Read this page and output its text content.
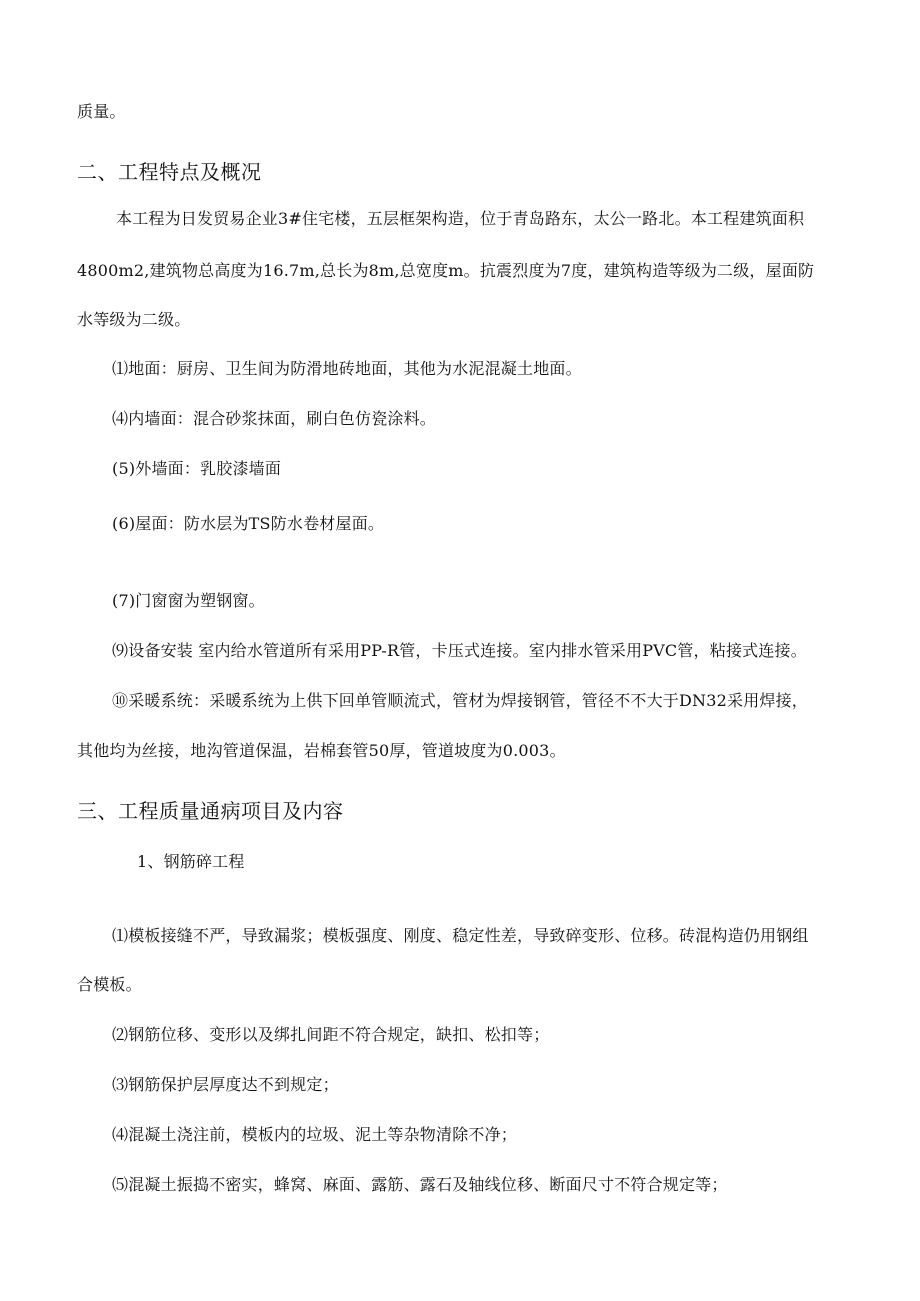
质量。
二、工程特点及概况
本工程为日发贸易企业3#住宅楼，五层框架构造，位于青岛路东，太公一路北。本工程建筑面积
4800m2,建筑物总高度为16.7m,总长为8m,总宽度m。抗震烈度为7度，建筑构造等级为二级，屋面防
水等级为二级。
⑴地面：厨房、卫生间为防滑地砖地面，其他为水泥混凝土地面。
⑷内墙面：混合砂浆抹面，刷白色仿瓷涂料。
(5)外墙面：乳胶漆墙面
(6)屋面：防水层为TS防水卷材屋面。
(7)门窗窗为塑钢窗。
⑼设备安装 室内给水管道所有采用PP-R管，卡压式连接。室内排水管采用PVC管，粘接式连接。
⑩采暖系统：采暖系统为上供下回单管顺流式，管材为焊接钢管，管径不不大于DN32采用焊接，
其他均为丝接，地沟管道保温，岩棉套管50厚，管道坡度为0.003。
三、工程质量通病项目及内容
1、钢筋碎工程
⑴模板接缝不严，导致漏浆；模板强度、刚度、稳定性差，导致碎变形、位移。砖混构造仍用钢组
合模板。
⑵钢筋位移、变形以及绑扎间距不符合规定，缺扣、松扣等；
⑶钢筋保护层厚度达不到规定；
⑷混凝土浇注前，模板内的垃圾、泥土等杂物清除不净；
⑸混凝土振捣不密实，蜂窝、麻面、露筋、露石及轴线位移、断面尺寸不符合规定等；
